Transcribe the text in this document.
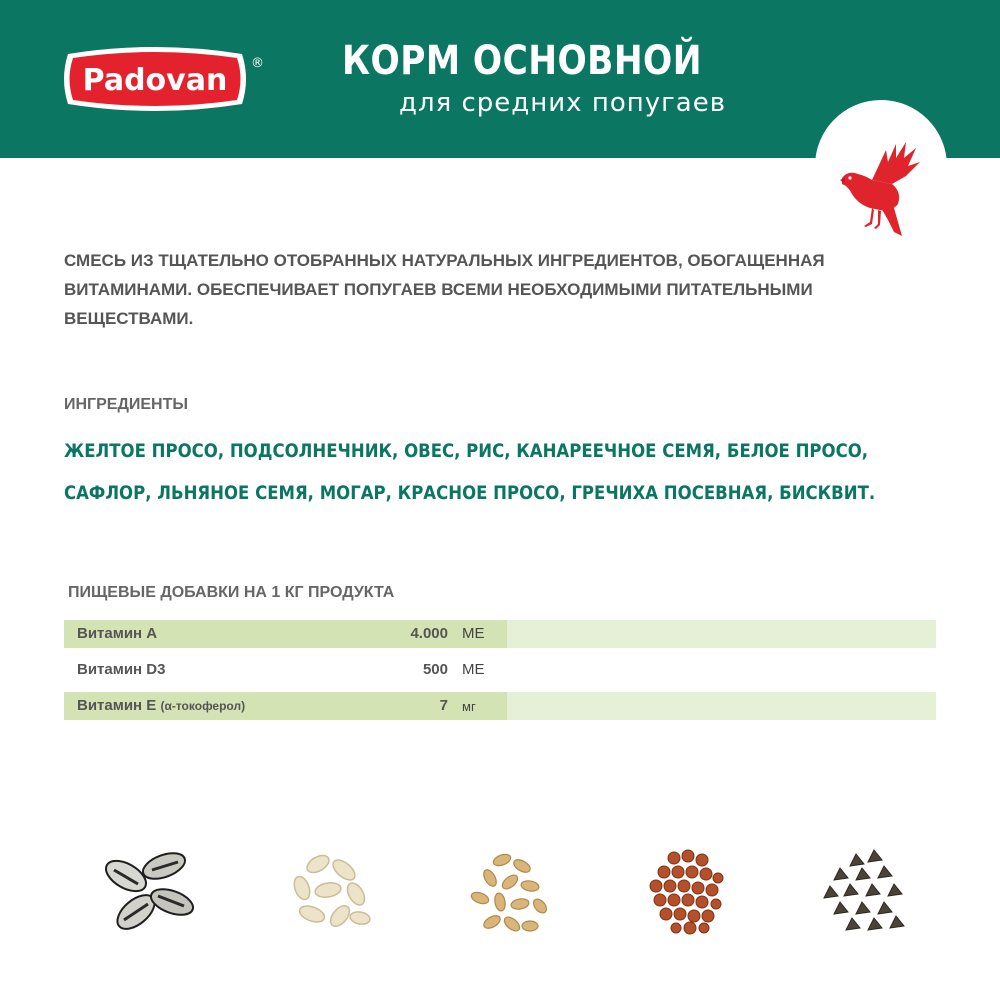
Padovan ® КОРМ ОСНОВНОЙ
для средних попугаев
СМЕСЬ ИЗ ТЩАТЕЛЬНО ОТОБРАННЫХ НАТУРАЛЬНЫХ ИНГРЕДИЕНТОВ, ОБОГАЩЕННАЯ ВИТАМИНАМИ. ОБЕСПЕЧИВАЕТ ПОПУГАЕВ ВСЕМИ НЕОБХОДИМЫМИ ПИТАТЕЛЬНЫМИ ВЕЩЕСТВАМИ.
ИНГРЕДИЕНТЫ
ЖЕЛТОЕ ПРОСО, ПОДСОЛНЕЧНИК, ОВЕС, РИС, КАНАРЕЕЧНОЕ СЕМЯ, БЕЛОЕ ПРОСО,
САФЛОР, ЛЬНЯНОЕ СЕМЯ, МОГАР, КРАСНОЕ ПРОСО, ГРЕЧИХА ПОСЕВНАЯ, БИСКВИТ.
ПИЩЕВЫЕ ДОБАВКИ НА 1 КГ ПРОДУКТА
Витамин A	4.000 МЕ
Витамин D3	500 МЕ
Витамин E (α-токоферол)	7 мг
